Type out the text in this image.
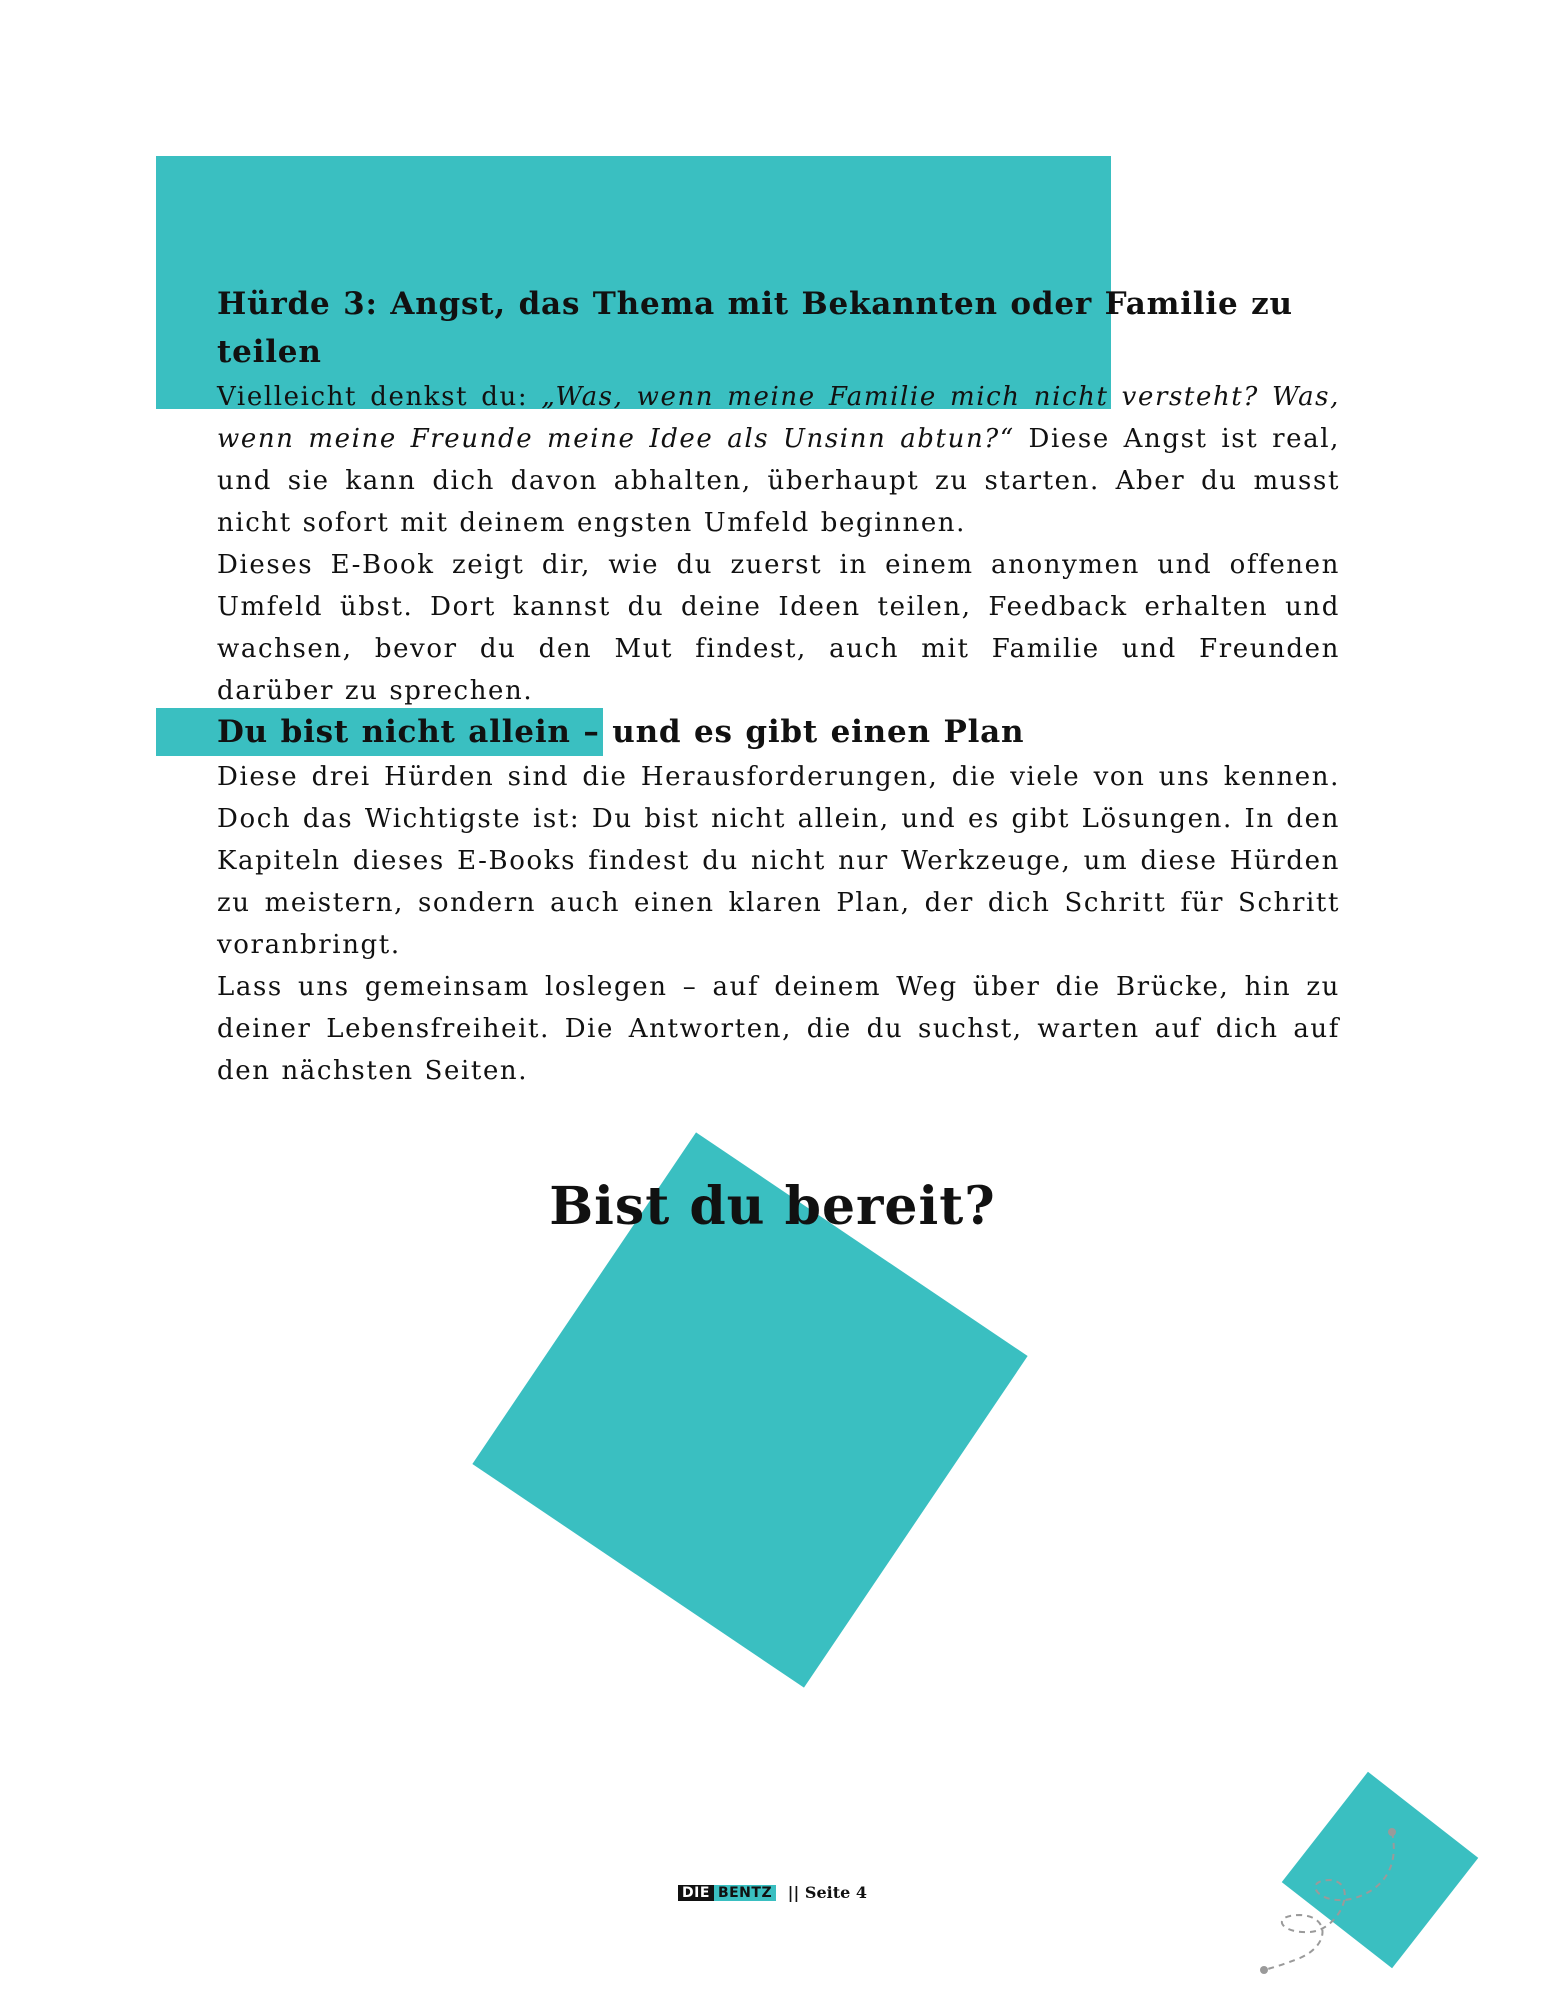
Hürde 3: Angst, das Thema mit Bekannten oder Familie zu teilen

Vielleicht denkst du: „Was, wenn meine Familie mich nicht versteht? Was, wenn meine Freunde meine Idee als Unsinn abtun?“ Diese Angst ist real, und sie kann dich davon abhalten, überhaupt zu starten. Aber du musst nicht sofort mit deinem engsten Umfeld beginnen.

Dieses E-Book zeigt dir, wie du zuerst in einem anonymen und offenen Umfeld übst. Dort kannst du deine Ideen teilen, Feedback erhalten und wachsen, bevor du den Mut findest, auch mit Familie und Freunden darüber zu sprechen.

Du bist nicht allein – und es gibt einen Plan

Diese drei Hürden sind die Herausforderungen, die viele von uns kennen. Doch das Wichtigste ist: Du bist nicht allein, und es gibt Lösungen. In den Kapiteln dieses E-Books findest du nicht nur Werkzeuge, um diese Hürden zu meistern, sondern auch einen klaren Plan, der dich Schritt für Schritt voranbringt.

Lass uns gemeinsam loslegen – auf deinem Weg über die Brücke, hin zu deiner Lebensfreiheit. Die Antworten, die du suchst, warten auf dich auf den nächsten Seiten.

Bist du bereit?
DIE BENTZ || Seite 4
